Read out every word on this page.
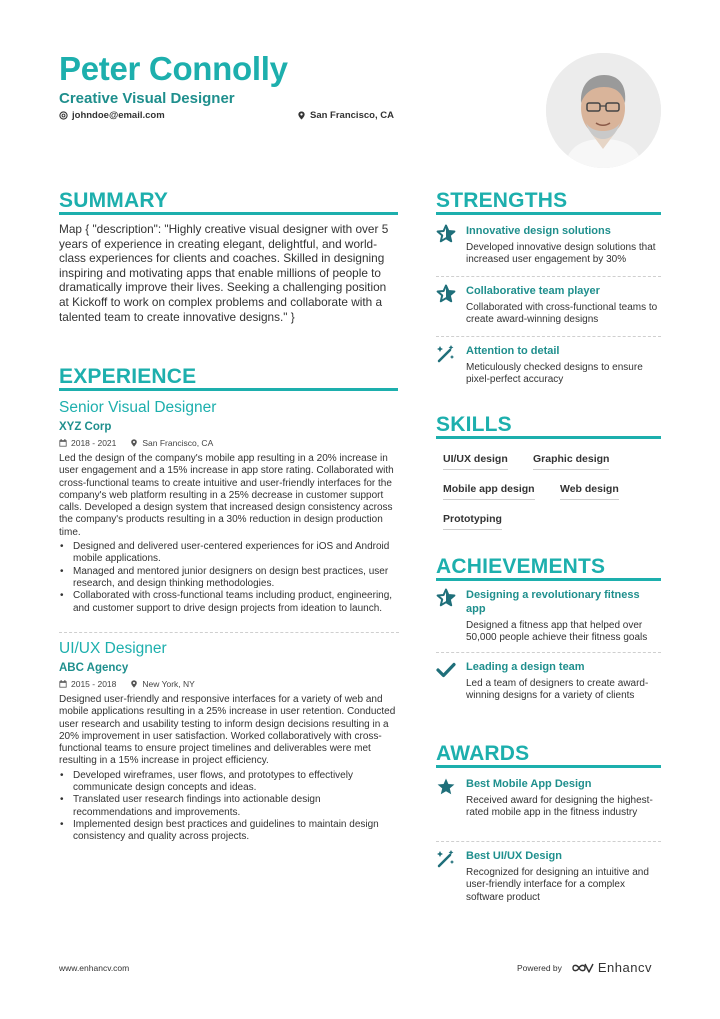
Peter Connolly
Creative Visual Designer
johndoe@email.com	San Francisco, CA
SUMMARY
Map { "description": "Highly creative visual designer with over 5 years of experience in creating elegant, delightful, and world-class experiences for clients and coaches. Skilled in designing inspiring and motivating apps that enable millions of people to dramatically improve their lives. Seeking a challenging position at Kickoff to work on complex problems and collaborate with a talented team to create innovative designs." }
EXPERIENCE
Senior Visual Designer
XYZ Corp
2018 - 2021	San Francisco, CA
Led the design of the company's mobile app resulting in a 20% increase in user engagement and a 15% increase in app store rating. Collaborated with cross-functional teams to create intuitive and user-friendly interfaces for the company's web platform resulting in a 25% decrease in customer support calls. Developed a design system that increased design consistency across the company's products resulting in a 30% reduction in design production time.
• Designed and delivered user-centered experiences for iOS and Android mobile applications.
• Managed and mentored junior designers on design best practices, user research, and design thinking methodologies.
• Collaborated with cross-functional teams including product, engineering, and customer support to drive design projects from ideation to launch.
UI/UX Designer
ABC Agency
2015 - 2018	New York, NY
Designed user-friendly and responsive interfaces for a variety of web and mobile applications resulting in a 25% increase in user retention. Conducted user research and usability testing to inform design decisions resulting in a 20% improvement in user satisfaction. Worked collaboratively with cross-functional teams to ensure project timelines and deliverables were met resulting in a 15% increase in project efficiency.
• Developed wireframes, user flows, and prototypes to effectively communicate design concepts and ideas.
• Translated user research findings into actionable design recommendations and improvements.
• Implemented design best practices and guidelines to maintain design consistency and quality across projects.
STRENGTHS
Innovative design solutions
Developed innovative design solutions that increased user engagement by 30%
Collaborative team player
Collaborated with cross-functional teams to create award-winning designs
Attention to detail
Meticulously checked designs to ensure pixel-perfect accuracy
SKILLS
UI/UX design Graphic design
Mobile app design Web design
Prototyping
ACHIEVEMENTS
Designing a revolutionary fitness app
Designed a fitness app that helped over 50,000 people achieve their fitness goals
Leading a design team
Led a team of designers to create award-winning designs for a variety of clients
AWARDS
Best Mobile App Design
Received award for designing the highest-rated mobile app in the fitness industry
Best UI/UX Design
Recognized for designing an intuitive and user-friendly interface for a complex software product
www.enhancv.com	Powered by	Enhancv
